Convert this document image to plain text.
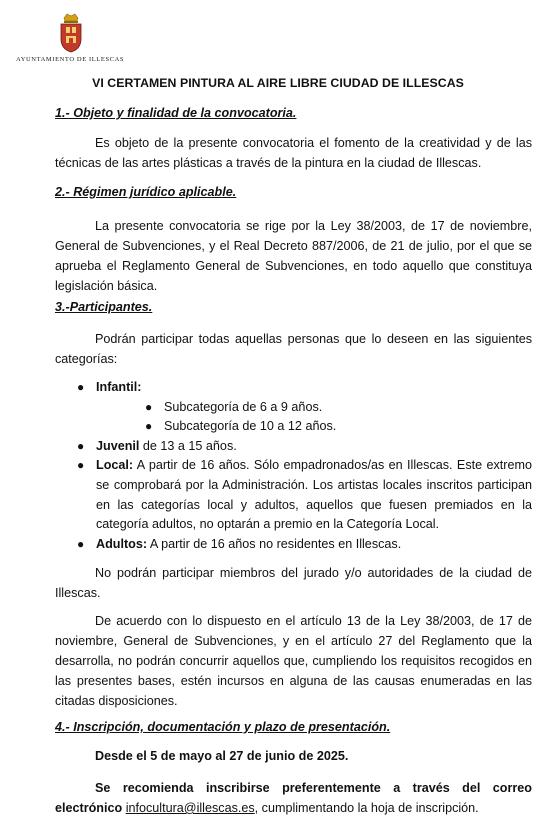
AYUNTAMIENTO DE ILLESCAS
VI CERTAMEN PINTURA AL AIRE LIBRE CIUDAD DE ILLESCAS
1.- Objeto y finalidad de la convocatoria.

Es objeto de la presente convocatoria el fomento de la creatividad y de las técnicas de las artes plásticas a través de la pintura en la ciudad de Illescas.

2.- Régimen jurídico aplicable.

La presente convocatoria se rige por la Ley 38/2003, de 17 de noviembre, General de Subvenciones, y el Real Decreto 887/2006, de 21 de julio, por el que se aprueba el Reglamento General de Subvenciones, en todo aquello que constituya legislación básica.

3.-Participantes.

Podrán participar todas aquellas personas que lo deseen en las siguientes categorías:

● Infantil:
● Subcategoría de 6 a 9 años.
● Subcategoría de 10 a 12 años.
● Juvenil de 13 a 15 años.
● Local: A partir de 16 años. Sólo empadronados/as en Illescas. Este extremo se comprobará por la Administración. Los artistas locales inscritos participan en las categorías local y adultos, aquellos que fuesen premiados en la categoría adultos, no optarán a premio en la Categoría Local.
● Adultos: A partir de 16 años no residentes en Illescas.

No podrán participar miembros del jurado y/o autoridades de la ciudad de Illescas.

De acuerdo con lo dispuesto en el artículo 13 de la Ley 38/2003, de 17 de noviembre, General de Subvenciones, y en el artículo 27 del Reglamento que la desarrolla, no podrán concurrir aquellos que, cumpliendo los requisitos recogidos en las presentes bases, estén incursos en alguna de las causas enumeradas en las citadas disposiciones.

4.- Inscripción, documentación y plazo de presentación.
Desde el 5 de mayo al 27 de junio de 2025.

Se recomienda inscribirse preferentemente a través del correo electrónico infocultura@illescas.es, cumplimentando la hoja de inscripción.
